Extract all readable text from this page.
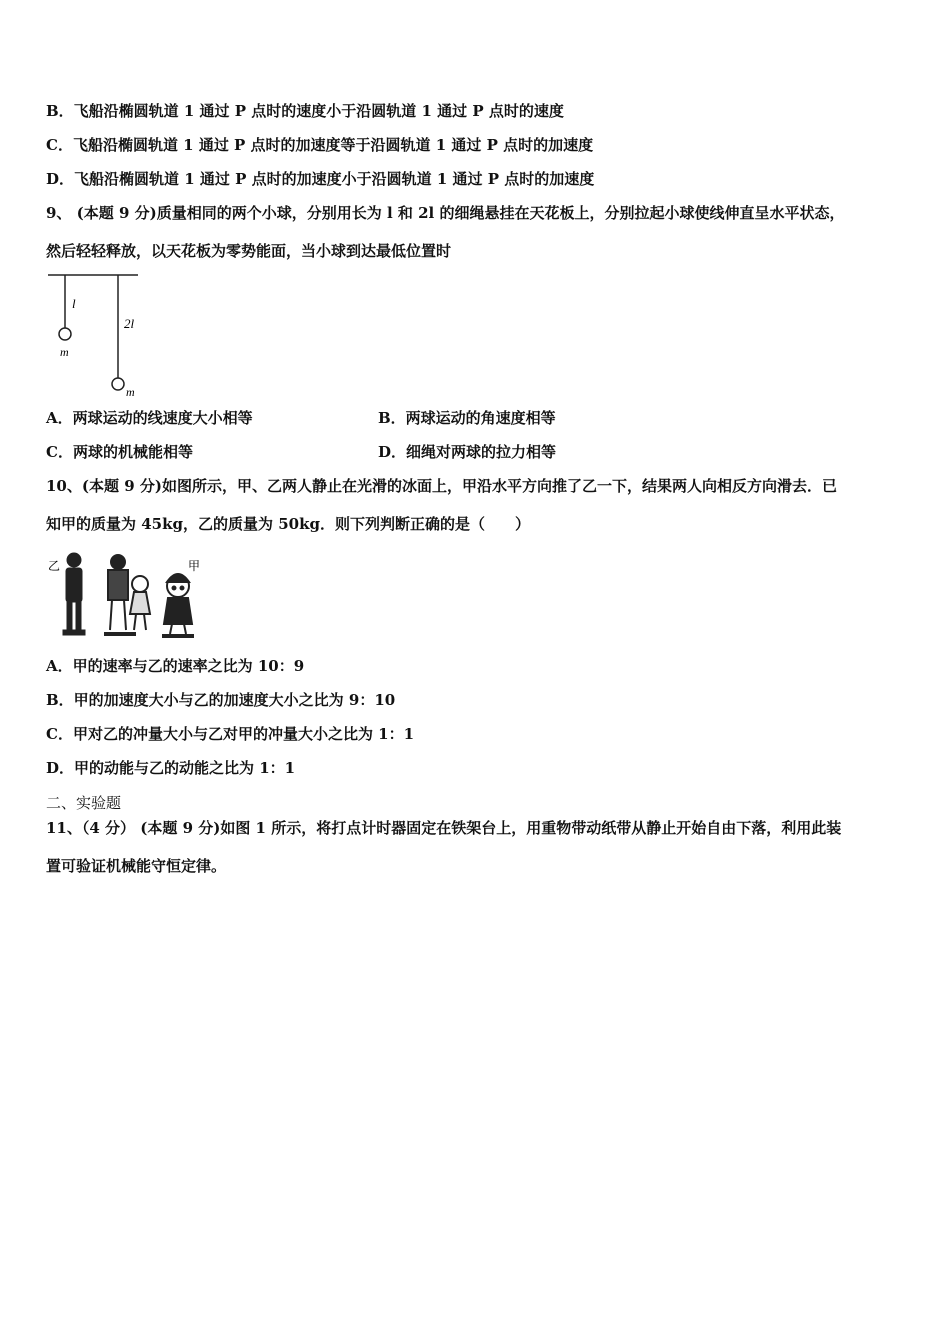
B．飞船沿椭圆轨道 1 通过 P 点时的速度小于沿圆轨道 1 通过 P 点时的速度
C．飞船沿椭圆轨道 1 通过 P 点时的加速度等于沿圆轨道 1 通过 P 点时的加速度
D．飞船沿椭圆轨道 1 通过 P 点时的加速度小于沿圆轨道 1 通过 P 点时的加速度
9、 (本题 9 分)质量相同的两个小球，分别用长为 l 和 2l 的细绳悬挂在天花板上，分别拉起小球使线伸直呈水平状态，
然后轻轻释放，以天花板为零势能面，当小球到达最低位置时
l
2l
m
m
A．两球运动的线速度大小相等	B．两球运动的角速度相等
C．两球的机械能相等	D．细绳对两球的拉力相等
10、(本题 9 分)如图所示，甲、乙两人静止在光滑的冰面上，甲沿水平方向推了乙一下，结果两人向相反方向滑去．已
知甲的质量为 45kg，乙的质量为 50kg．则下列判断正确的是（　　）
乙	甲
A．甲的速率与乙的速率之比为 10：9
B．甲的加速度大小与乙的加速度大小之比为 9：10
C．甲对乙的冲量大小与乙对甲的冲量大小之比为 1：1
D．甲的动能与乙的动能之比为 1：1
二、实验题
11、（4 分） (本题 9 分)如图 1 所示，将打点计时器固定在铁架台上，用重物带动纸带从静止开始自由下落，利用此装
置可验证机械能守恒定律。
